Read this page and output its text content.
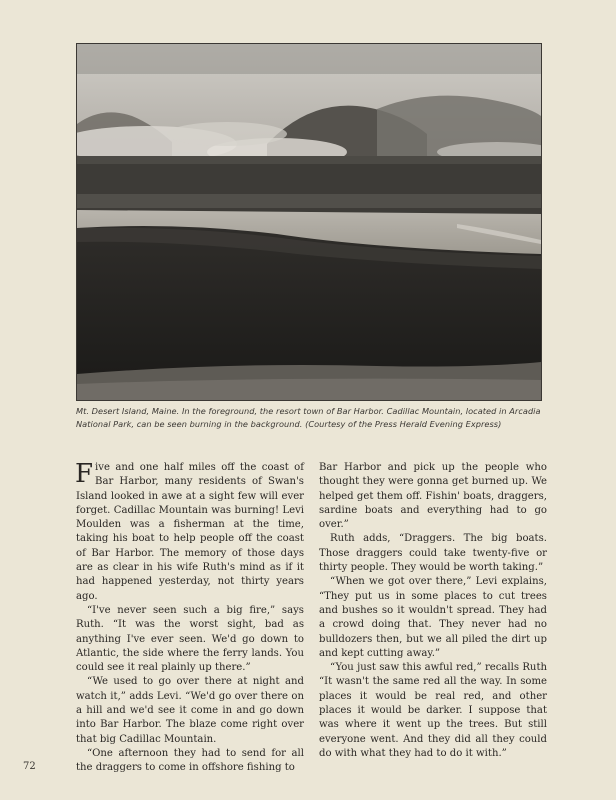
Mt. Desert Island, Maine. In the foreground, the resort town of Bar Harbor. Cadillac Mountain, located in Arcadia National Park, can be seen burning in the background. (Courtesy of the Press Herald Evening Express)

Five and one half miles off the coast of Bar Harbor, many residents of Swan's Island looked in awe at a sight few will ever forget. Cadillac Mountain was burning! Levi Moulden was a fisherman at the time, taking his boat to help people off the coast of Bar Harbor. The memory of those days are as clear in his wife Ruth's mind as if it had happened yesterday, not thirty years ago.

“I've never seen such a big fire,” says Ruth. “It was the worst sight, bad as anything I've ever seen. We'd go down to Atlantic, the side where the ferry lands. You could see it real plainly up there.”

“We used to go over there at night and watch it,” adds Levi. “We'd go over there on a hill and we'd see it come in and go down into Bar Harbor. The blaze come right over that big Cadillac Mountain.

“One afternoon they had to send for all the draggers to come in offshore fishing to

Bar Harbor and pick up the people who thought they were gonna get burned up. We helped get them off. Fishin' boats, draggers, sardine boats and everything had to go over.”

Ruth adds, “Draggers. The big boats. Those draggers could take twenty-five or thirty people. They would be worth taking.”

“When we got over there,” Levi explains, “They put us in some places to cut trees and bushes so it wouldn't spread. They had a crowd doing that. They never had no bulldozers then, but we all piled the dirt up and kept cutting away.”

“You just saw this awful red,” recalls Ruth “It wasn't the same red all the way. In some places it would be real red, and other places it would be darker. I suppose that was where it went up the trees. But still everyone went. And they did all they could do with what they had to do it with.”

72
